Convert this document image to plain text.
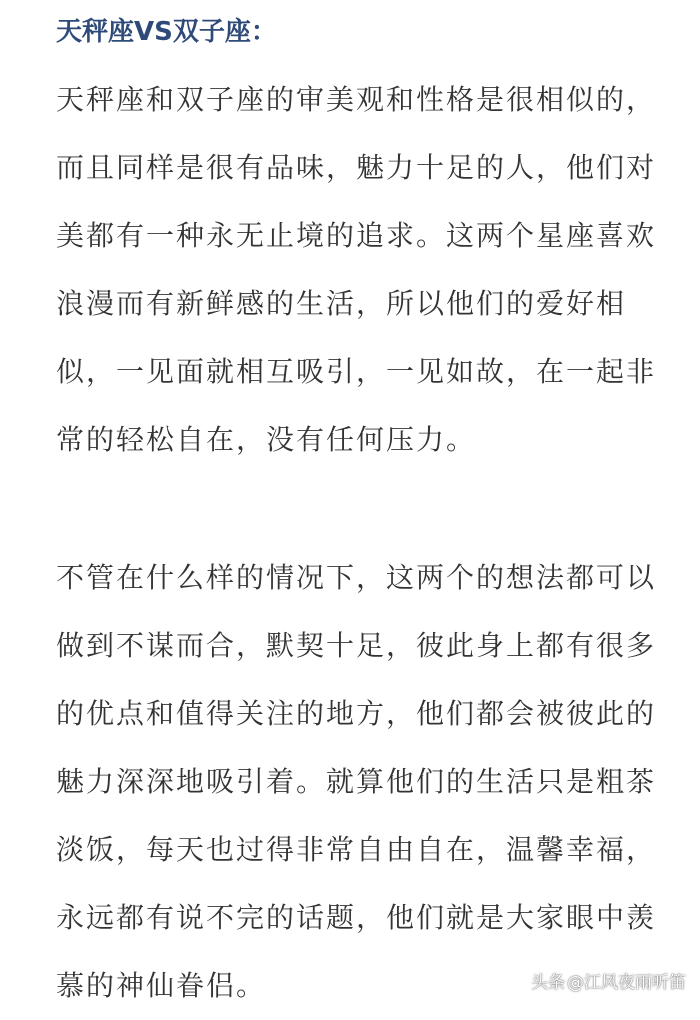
天秤座VS双子座：

天秤座和双子座的审美观和性格是很相似的，
而且同样是很有品味，魅力十足的人，他们对
美都有一种永无止境的追求。这两个星座喜欢
浪漫而有新鲜感的生活，所以他们的爱好相
似，一见面就相互吸引，一见如故，在一起非
常的轻松自在，没有任何压力。

不管在什么样的情况下，这两个的想法都可以
做到不谋而合，默契十足，彼此身上都有很多
的优点和值得关注的地方，他们都会被彼此的
魅力深深地吸引着。就算他们的生活只是粗茶
淡饭，每天也过得非常自由自在，温馨幸福，
永远都有说不完的话题，他们就是大家眼中羡
慕的神仙眷侣。	头条 @江风夜雨听笛
